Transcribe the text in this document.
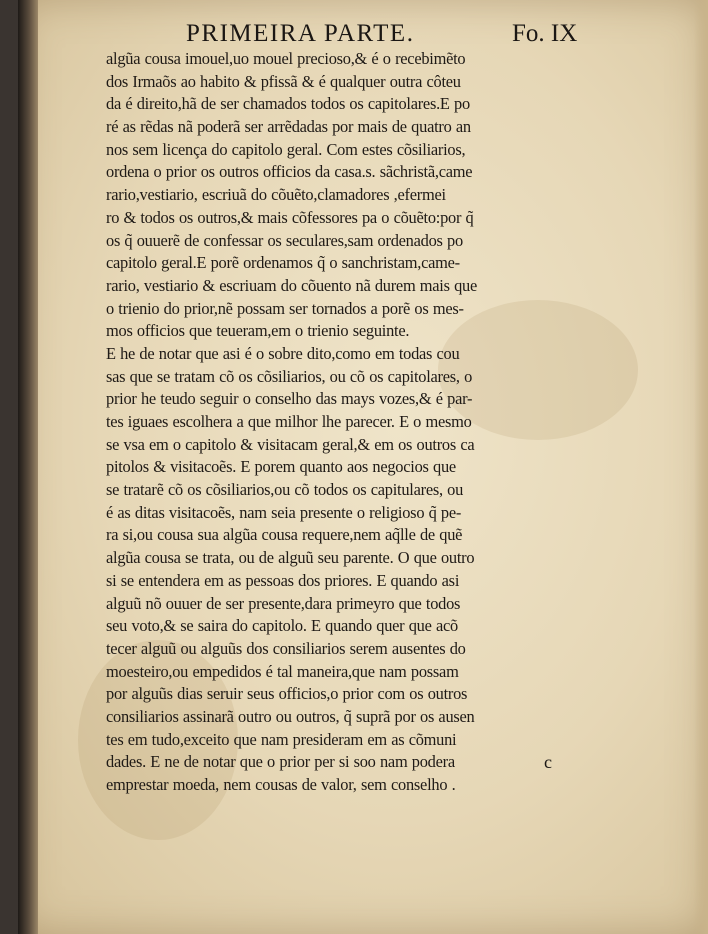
PRIMEIRA PARTE.	Fo. IX
algũa cousa imouel,uo mouel precioso,& é o recebimẽto
dos Irmaõs ao habito & pfissã & é qualquer outra côteu
da é direito,hã de ser chamados todos os capitolares.E po
ré as rẽdas nã poderã ser arrẽdadas por mais de quatro an
nos sem licença do capitolo geral. Com estes cõsiliarios,
ordena o prior os outros officios da casa.s. sãchristã,came
rario,vestiario, escriuã do cõuẽto,clamadores ,efermei
ro & todos os outros,& mais cõfessores pa o cõuẽto:por q̃
os q̃ ouuerẽ de confessar os seculares,sam ordenados po
capitolo geral.E porẽ ordenamos q̃ o sanchristam,came-
rario, vestiario & escriuam do cõuento nã durem mais que
o trienio do prior,nẽ possam ser tornados a porẽ os mes-
mos officios que teueram,em o trienio seguinte.
E he de notar que asi é o sobre dito,como em todas cou
sas que se tratam cõ os cõsiliarios, ou cõ os capitolares, o
prior he teudo seguir o conselho das mays vozes,& é par-
tes iguaes escolhera a que milhor lhe parecer. E o mesmo
se vsa em o capitolo & visitacam geral,& em os outros ca
pitolos & visitacoẽs. E porem quanto aos negocios que
se tratarẽ cõ os cõsiliarios,ou cõ todos os capitulares, ou
é as ditas visitacoẽs, nam seia presente o religioso q̃ pe-
ra si,ou cousa sua algũa cousa requere,nem aq̃lle de quẽ
algũa cousa se trata, ou de alguũ seu parente. O que outro
si se entendera em as pessoas dos priores. E quando asi
alguũ nõ ouuer de ser presente,dara primeyro que todos
seu voto,& se saira do capitolo. E quando quer que acõ
tecer alguũ ou alguũs dos consiliarios serem ausentes do
moesteiro,ou empedidos é tal maneira,que nam possam
por alguũs dias seruir seus officios,o prior com os outros
consiliarios assinarã outro ou outros, q̃ suprã por os ausen
tes em tudo,exceito que nam presideram em as cõmuni
dades. E ne de notar que o prior per si soo nam podera
emprestar moeda, nem cousas de valor, sem conselho .
c
